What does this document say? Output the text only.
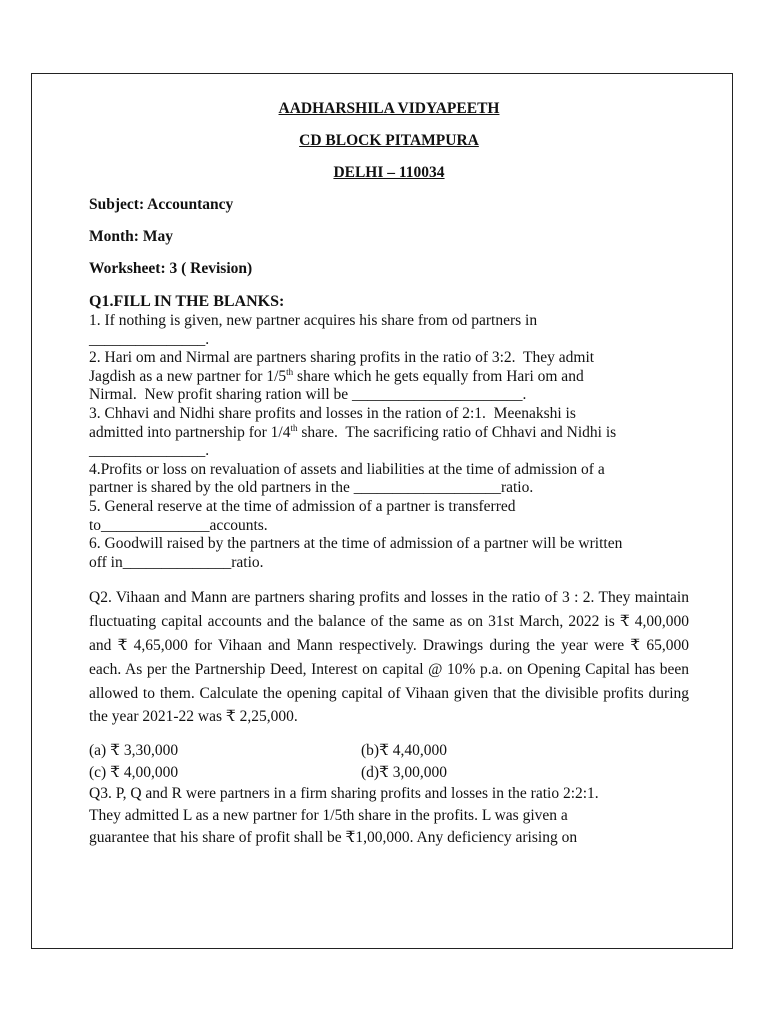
AADHARSHILA VIDYAPEETH

CD BLOCK PITAMPURA

DELHI – 110034

Subject: Accountancy

Month: May

Worksheet: 3 ( Revision)

Q1.FILL IN THE BLANKS:

1. If nothing is given, new partner acquires his share from od partners in

_______________.

2. Hari om and Nirmal are partners sharing profits in the ratio of 3:2.  They admit

Jagdish as a new partner for 1/5th share which he gets equally from Hari om and

Nirmal.  New profit sharing ration will be ______________________.

3. Chhavi and Nidhi share profits and losses in the ration of 2:1.  Meenakshi is

admitted into partnership for 1/4th share.  The sacrificing ratio of Chhavi and Nidhi is

_______________.

4.Profits or loss on revaluation of assets and liabilities at the time of admission of a

partner is shared by the old partners in the ___________________ratio.

5. General reserve at the time of admission of a partner is transferred

to______________accounts.

6. Goodwill raised by the partners at the time of admission of a partner will be written

off in______________ratio.

Q2. Vihaan and Mann are partners sharing profits and losses in the ratio of 3 : 2. They maintain fluctuating capital accounts and the balance of the same as on 31st March, 2022 is ₹ 4,00,000 and ₹ 4,65,000 for Vihaan and Mann respectively. Drawings during the year were ₹ 65,000 each. As per the Partnership Deed, Interest on capital @ 10% p.a. on Opening Capital has been allowed to them. Calculate the opening capital of Vihaan given that the divisible profits during the year 2021-22 was ₹ 2,25,000.

(a) ₹ 3,30,000	(b)₹ 4,40,000
(c) ₹ 4,00,000	(d)₹ 3,00,000

Q3. P, Q and R were partners in a firm sharing profits and losses in the ratio 2:2:1.

They admitted L as a new partner for 1/5th share in the profits. L was given a

guarantee that his share of profit shall be ₹1,00,000. Any deficiency arising on
